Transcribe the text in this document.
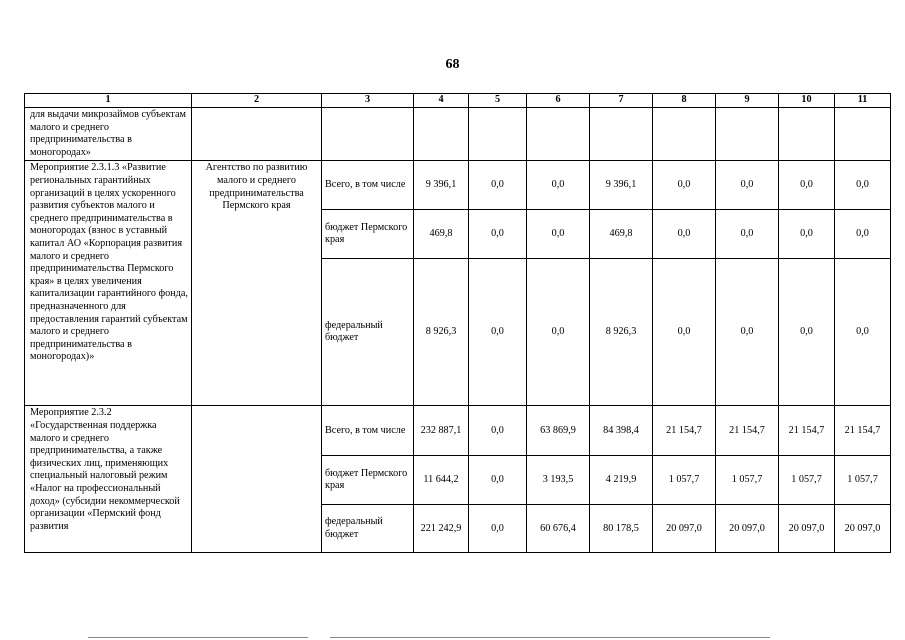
68
1	2	3	4	5	6	7	8	9	10	11
для выдачи микрозаймов субъектам малого и среднего предпринимательства в моногородах»										
Мероприятие 2.3.1.3 «Развитие региональных гарантийных организаций в целях ускоренного развития субъектов малого и среднего предпринимательства в моногородах (взнос в уставный капитал АО «Корпорация развития малого и среднего предпринимательства Пермского края» в целях увеличения капитализации гарантийного фонда, предназначенного для предоставления гарантий субъектам малого и среднего предпринимательства в моногородах)»	Агентство по развитию малого и среднего предпринимательства Пермского края	Всего, в том числе	9 396,1	0,0	0,0	9 396,1	0,0	0,0	0,0	0,0
		бюджет Пермского края	469,8	0,0	0,0	469,8	0,0	0,0	0,0	0,0
		федеральный бюджет	8 926,3	0,0	0,0	8 926,3	0,0	0,0	0,0	0,0
Мероприятие 2.3.2 «Государственная поддержка малого и среднего предпринимательства, а также физических лиц, применяющих специальный налоговый режим «Налог на профессиональный доход» (субсидии некоммерческой организации «Пермский фонд развития		Всего, в том числе	232 887,1	0,0	63 869,9	84 398,4	21 154,7	21 154,7	21 154,7	21 154,7
		бюджет Пермского края	11 644,2	0,0	3 193,5	4 219,9	1 057,7	1 057,7	1 057,7	1 057,7
		федеральный бюджет	221 242,9	0,0	60 676,4	80 178,5	20 097,0	20 097,0	20 097,0	20 097,0
